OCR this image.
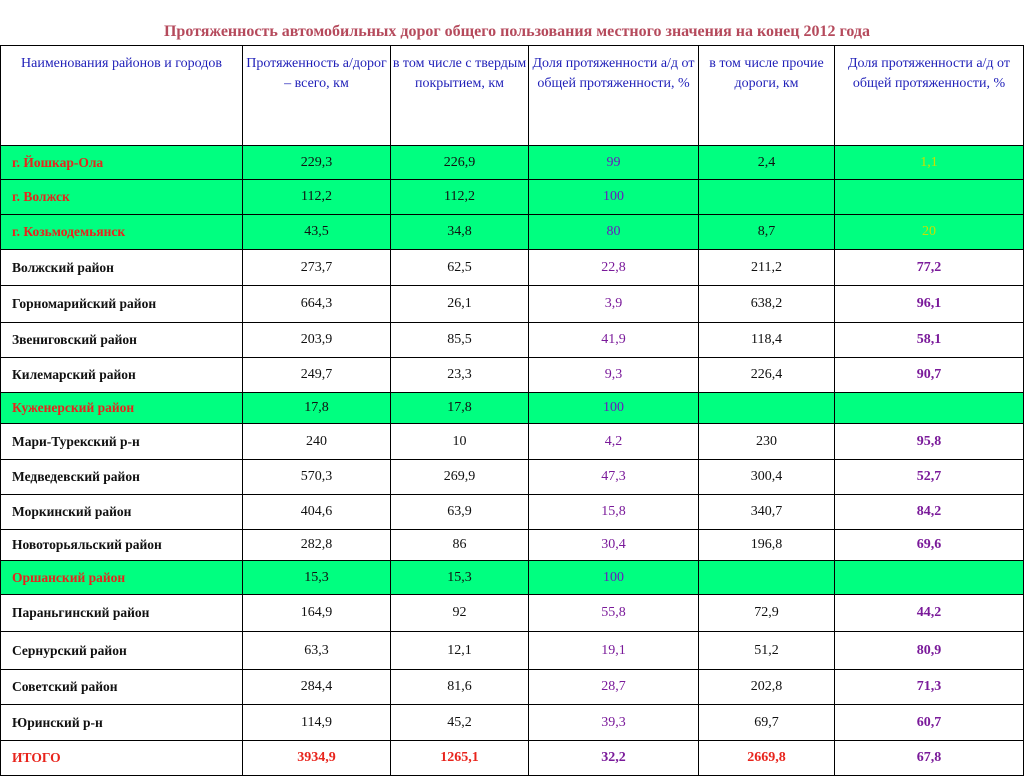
Протяженность автомобильных дорог общего пользования местного значения на конец 2012 года
Наименования районов и городов	Протяженность а/дорог – всего, км	в том числе с твердым покрытием, км	Доля протяженности а/д от общей протяженности, %	в том числе прочие дороги, км	Доля протяженности а/д от общей протяженности, %
г. Йошкар-Ола	229,3	226,9	99	2,4	1,1
г. Волжск	112,2	112,2	100		
г. Козьмодемьянск	43,5	34,8	80	8,7	20
Волжский район	273,7	62,5	22,8	211,2	77,2
Горномарийский район	664,3	26,1	3,9	638,2	96,1
Звениговский район	203,9	85,5	41,9	118,4	58,1
Килемарский район	249,7	23,3	9,3	226,4	90,7
Куженерский район	17,8	17,8	100		
Мари-Турекский р-н	240	10	4,2	230	95,8
Медведевский район	570,3	269,9	47,3	300,4	52,7
Моркинский район	404,6	63,9	15,8	340,7	84,2
Новоторьяльский район	282,8	86	30,4	196,8	69,6
Оршанский район	15,3	15,3	100		
Параньгинский район	164,9	92	55,8	72,9	44,2
Сернурский район	63,3	12,1	19,1	51,2	80,9
Советский район	284,4	81,6	28,7	202,8	71,3
Юринский р-н	114,9	45,2	39,3	69,7	60,7
ИТОГО	3934,9	1265,1	32,2	2669,8	67,8
